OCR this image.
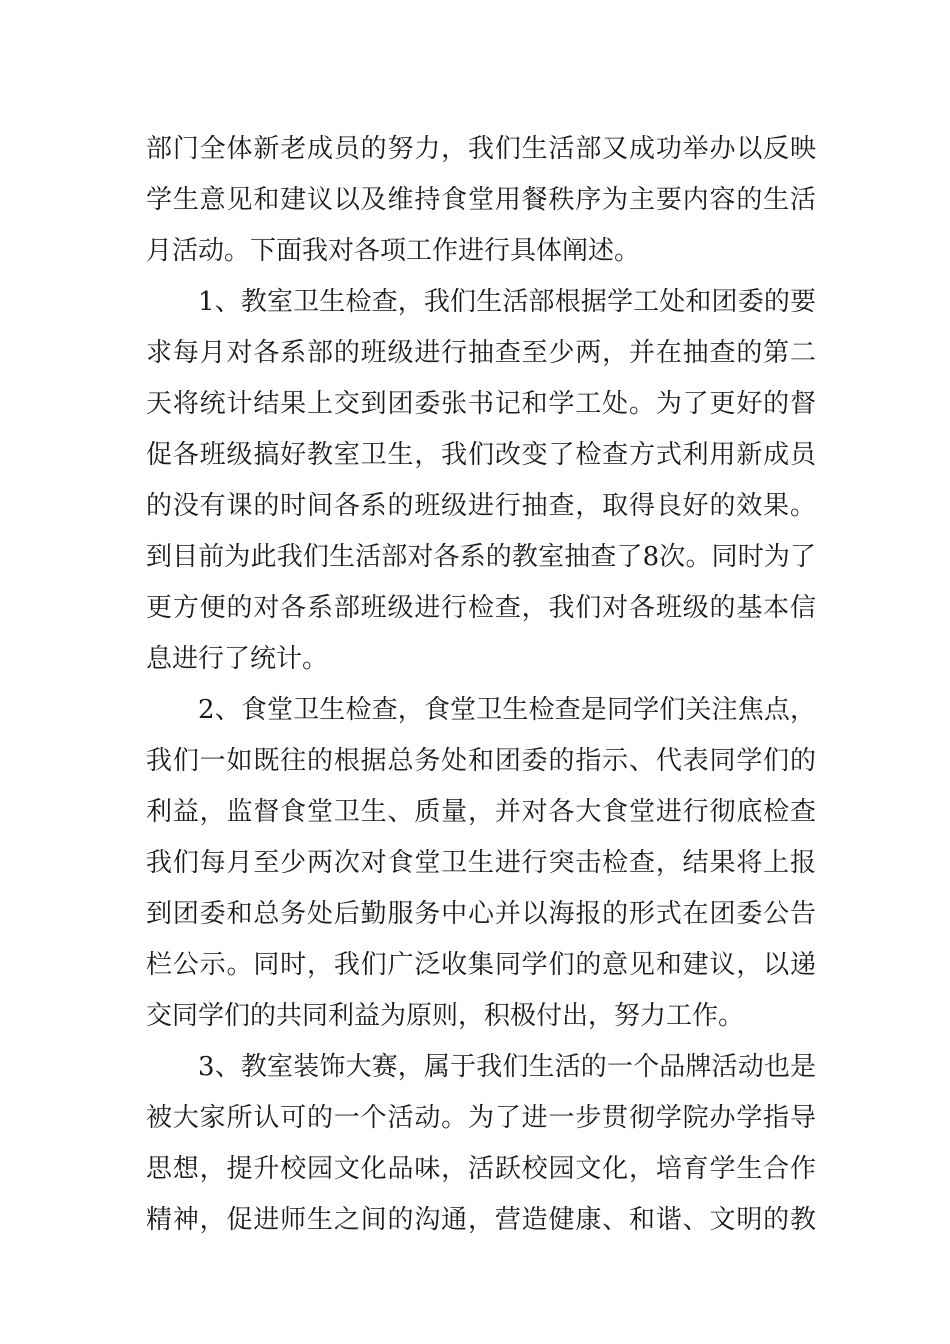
部门全体新老成员的努力，我们生活部又成功举办以反映
学生意见和建议以及维持食堂用餐秩序为主要内容的生活
月活动。下面我对各项工作进行具体阐述。
1、教室卫生检查，我们生活部根据学工处和团委的要
求每月对各系部的班级进行抽查至少两，并在抽查的第二
天将统计结果上交到团委张书记和学工处。为了更好的督
促各班级搞好教室卫生，我们改变了检查方式利用新成员
的没有课的时间各系的班级进行抽查，取得良好的效果。
到目前为此我们生活部对各系的教室抽查了8次。同时为了
更方便的对各系部班级进行检查，我们对各班级的基本信
息进行了统计。
2、食堂卫生检查，食堂卫生检查是同学们关注焦点，
我们一如既往的根据总务处和团委的指示、代表同学们的
利益，监督食堂卫生、质量，并对各大食堂进行彻底检查
我们每月至少两次对食堂卫生进行突击检查，结果将上报
到团委和总务处后勤服务中心并以海报的形式在团委公告
栏公示。同时，我们广泛收集同学们的意见和建议，以递
交同学们的共同利益为原则，积极付出，努力工作。
3、教室装饰大赛，属于我们生活的一个品牌活动也是
被大家所认可的一个活动。为了进一步贯彻学院办学指导
思想，提升校园文化品味，活跃校园文化，培育学生合作
精神，促进师生之间的沟通，营造健康、和谐、文明的教
